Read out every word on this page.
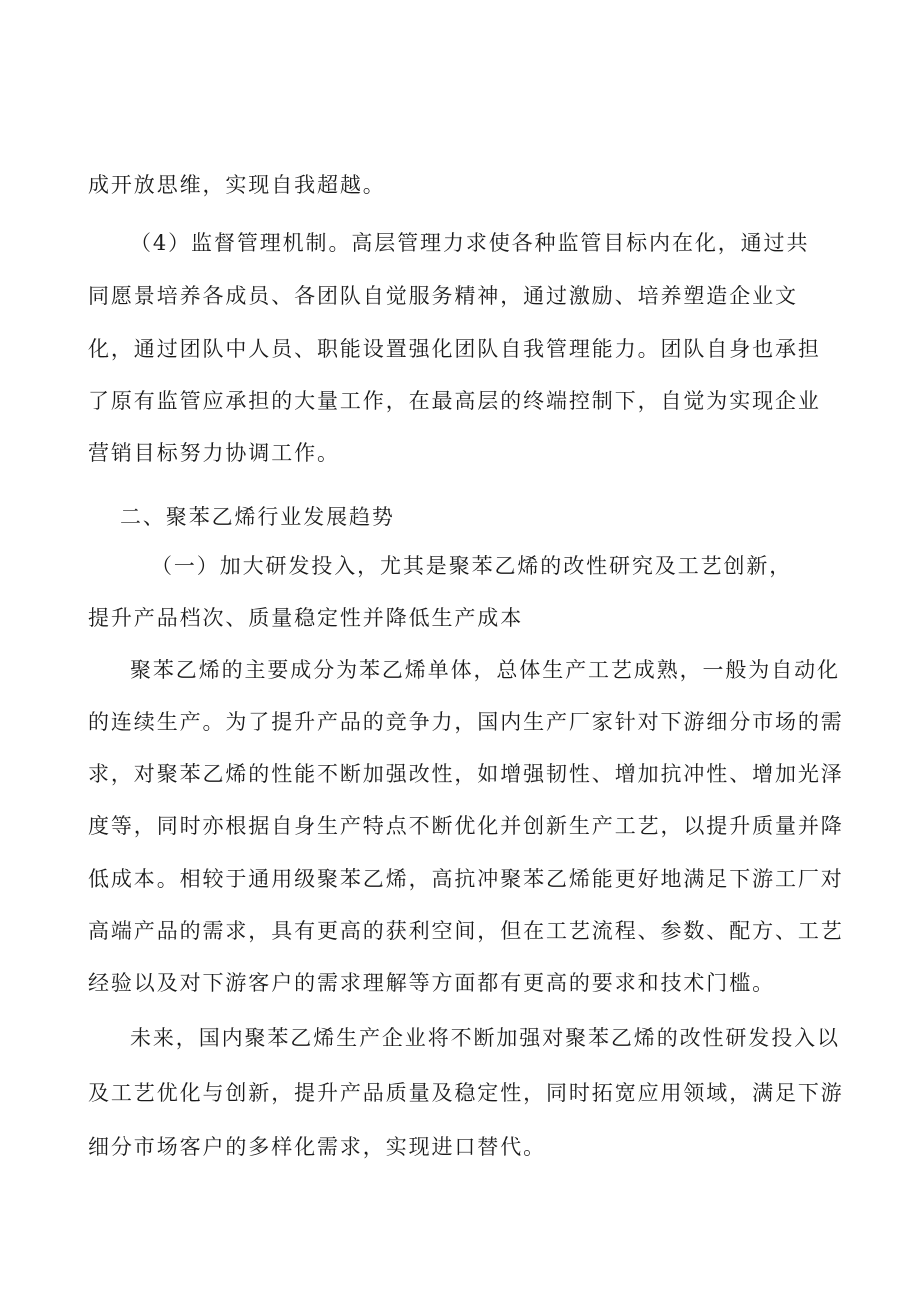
成开放思维，实现自我超越。
（4）监督管理机制。高层管理力求使各种监管目标内在化，通过共
同愿景培养各成员、各团队自觉服务精神，通过激励、培养塑造企业文
化，通过团队中人员、职能设置强化团队自我管理能力。团队自身也承担
了原有监管应承担的大量工作，在最高层的终端控制下，自觉为实现企业
营销目标努力协调工作。
二、聚苯乙烯行业发展趋势
（一）加大研发投入，尤其是聚苯乙烯的改性研究及工艺创新，
提升产品档次、质量稳定性并降低生产成本
聚苯乙烯的主要成分为苯乙烯单体，总体生产工艺成熟，一般为自动化
的连续生产。为了提升产品的竞争力，国内生产厂家针对下游细分市场的需
求，对聚苯乙烯的性能不断加强改性，如增强韧性、增加抗冲性、增加光泽
度等，同时亦根据自身生产特点不断优化并创新生产工艺，以提升质量并降
低成本。相较于通用级聚苯乙烯，高抗冲聚苯乙烯能更好地满足下游工厂对
高端产品的需求，具有更高的获利空间，但在工艺流程、参数、配方、工艺
经验以及对下游客户的需求理解等方面都有更高的要求和技术门槛。
未来，国内聚苯乙烯生产企业将不断加强对聚苯乙烯的改性研发投入以
及工艺优化与创新，提升产品质量及稳定性，同时拓宽应用领域，满足下游
细分市场客户的多样化需求，实现进口替代。
